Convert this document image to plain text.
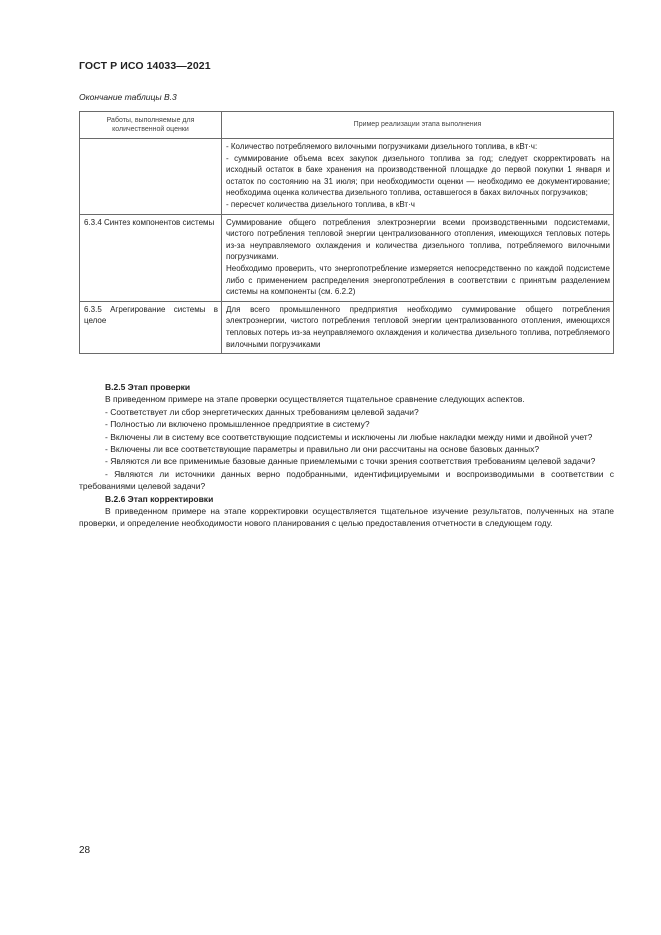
ГОСТ Р ИСО 14033—2021
Окончание таблицы В.3
Работы, выполняемые для количественной оценки	Пример реализации этапа выполнения

	- Количество потребляемого вилочными погрузчиками дизельного топлива, в кВт·ч:
- суммирование объема всех закупок дизельного топлива за год; следует скорректировать на исходный остаток в баке хранения на производственной площадке до первой покупки 1 января и остаток по состоянию на 31 июля; при необходимости оценки — необходимо ее документирование; необходима оценка количества дизельного топлива, оставшегося в баках вилочных погрузчиков;
- пересчет количества дизельного топлива, в кВт·ч

6.3.4 Синтез компонентов системы	Суммирование общего потребления электроэнергии всеми производственными подсистемами, чистого потребления тепловой энергии централизованного отопления, имеющихся тепловых потерь из-за неуправляемого охлаждения и количества дизельного топлива, потребляемого вилочными погрузчиками.
Необходимо проверить, что энергопотребление измеряется непосредственно по каждой подсистеме либо с применением распределения энергопотребления в соответствии с принятым разделением системы на компоненты (см. 6.2.2)

6.3.5 Агрегирование системы в целое	Для всего промышленного предприятия необходимо суммирование общего потребления электроэнергии, чистого потребления тепловой энергии централизованного отопления, имеющихся тепловых потерь из-за неуправляемого охлаждения и количества дизельного топлива, потребляемого вилочными погрузчиками

В.2.5 Этап проверки

В приведенном примере на этапе проверки осуществляется тщательное сравнение следующих аспектов.

- Соответствует ли сбор энергетических данных требованиям целевой задачи?

- Полностью ли включено промышленное предприятие в систему?

- Включены ли в систему все соответствующие подсистемы и исключены ли любые накладки между ними и двойной учет?

- Включены ли все соответствующие параметры и правильно ли они рассчитаны на основе базовых данных?

- Являются ли все применимые базовые данные приемлемыми с точки зрения соответствия требованиям целевой задачи?

- Являются ли источники данных верно подобранными, идентифицируемыми и воспроизводимыми в соответствии с требованиями целевой задачи?

В.2.6 Этап корректировки

В приведенном примере на этапе корректировки осуществляется тщательное изучение результатов, полученных на этапе проверки, и определение необходимости нового планирования с целью предоставления отчетности в следующем году.

28
